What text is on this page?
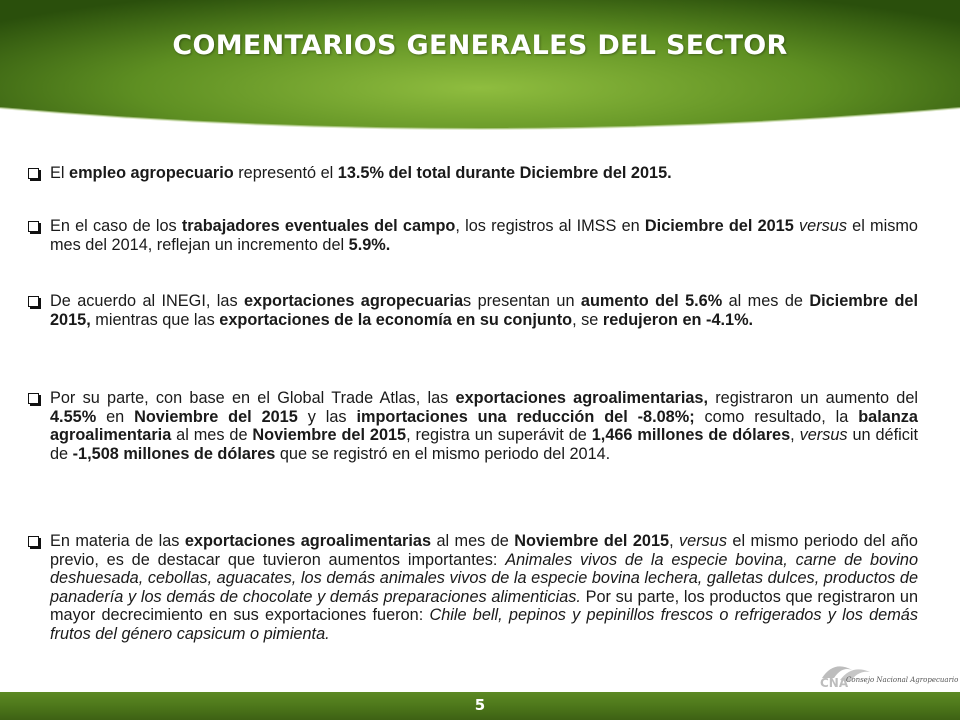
COMENTARIOS GENERALES DEL SECTOR
El empleo agropecuario representó el 13.5% del total durante Diciembre del 2015.
En el caso de los trabajadores eventuales del campo, los registros al IMSS en Diciembre del 2015 versus el mismo mes del 2014, reflejan un incremento del 5.9%.
De acuerdo al INEGI, las exportaciones agropecuarias presentan un aumento del 5.6% al mes de Diciembre del 2015, mientras que las exportaciones de la economía en su conjunto, se redujeron en -4.1%.
Por su parte, con base en el Global Trade Atlas, las exportaciones agroalimentarias, registraron un aumento del 4.55% en Noviembre del 2015 y las importaciones una reducción del -8.08%; como resultado, la balanza agroalimentaria al mes de Noviembre del 2015, registra un superávit de 1,466 millones de dólares, versus un déficit de -1,508 millones de dólares que se registró en el mismo periodo del 2014.
En materia de las exportaciones agroalimentarias al mes de Noviembre del 2015, versus el mismo periodo del año previo, es de destacar que tuvieron aumentos importantes: Animales vivos de la especie bovina, carne de bovino deshuesada, cebollas, aguacates, los demás animales vivos de la especie bovina lechera, galletas dulces, productos de panadería y los demás de chocolate y demás preparaciones alimenticias. Por su parte, los productos que registraron un mayor decrecimiento en sus exportaciones fueron: Chile bell, pepinos y pepinillos frescos o refrigerados y los demás frutos del género capsicum o pimienta.
CNA
Consejo Nacional Agropecuario
5
